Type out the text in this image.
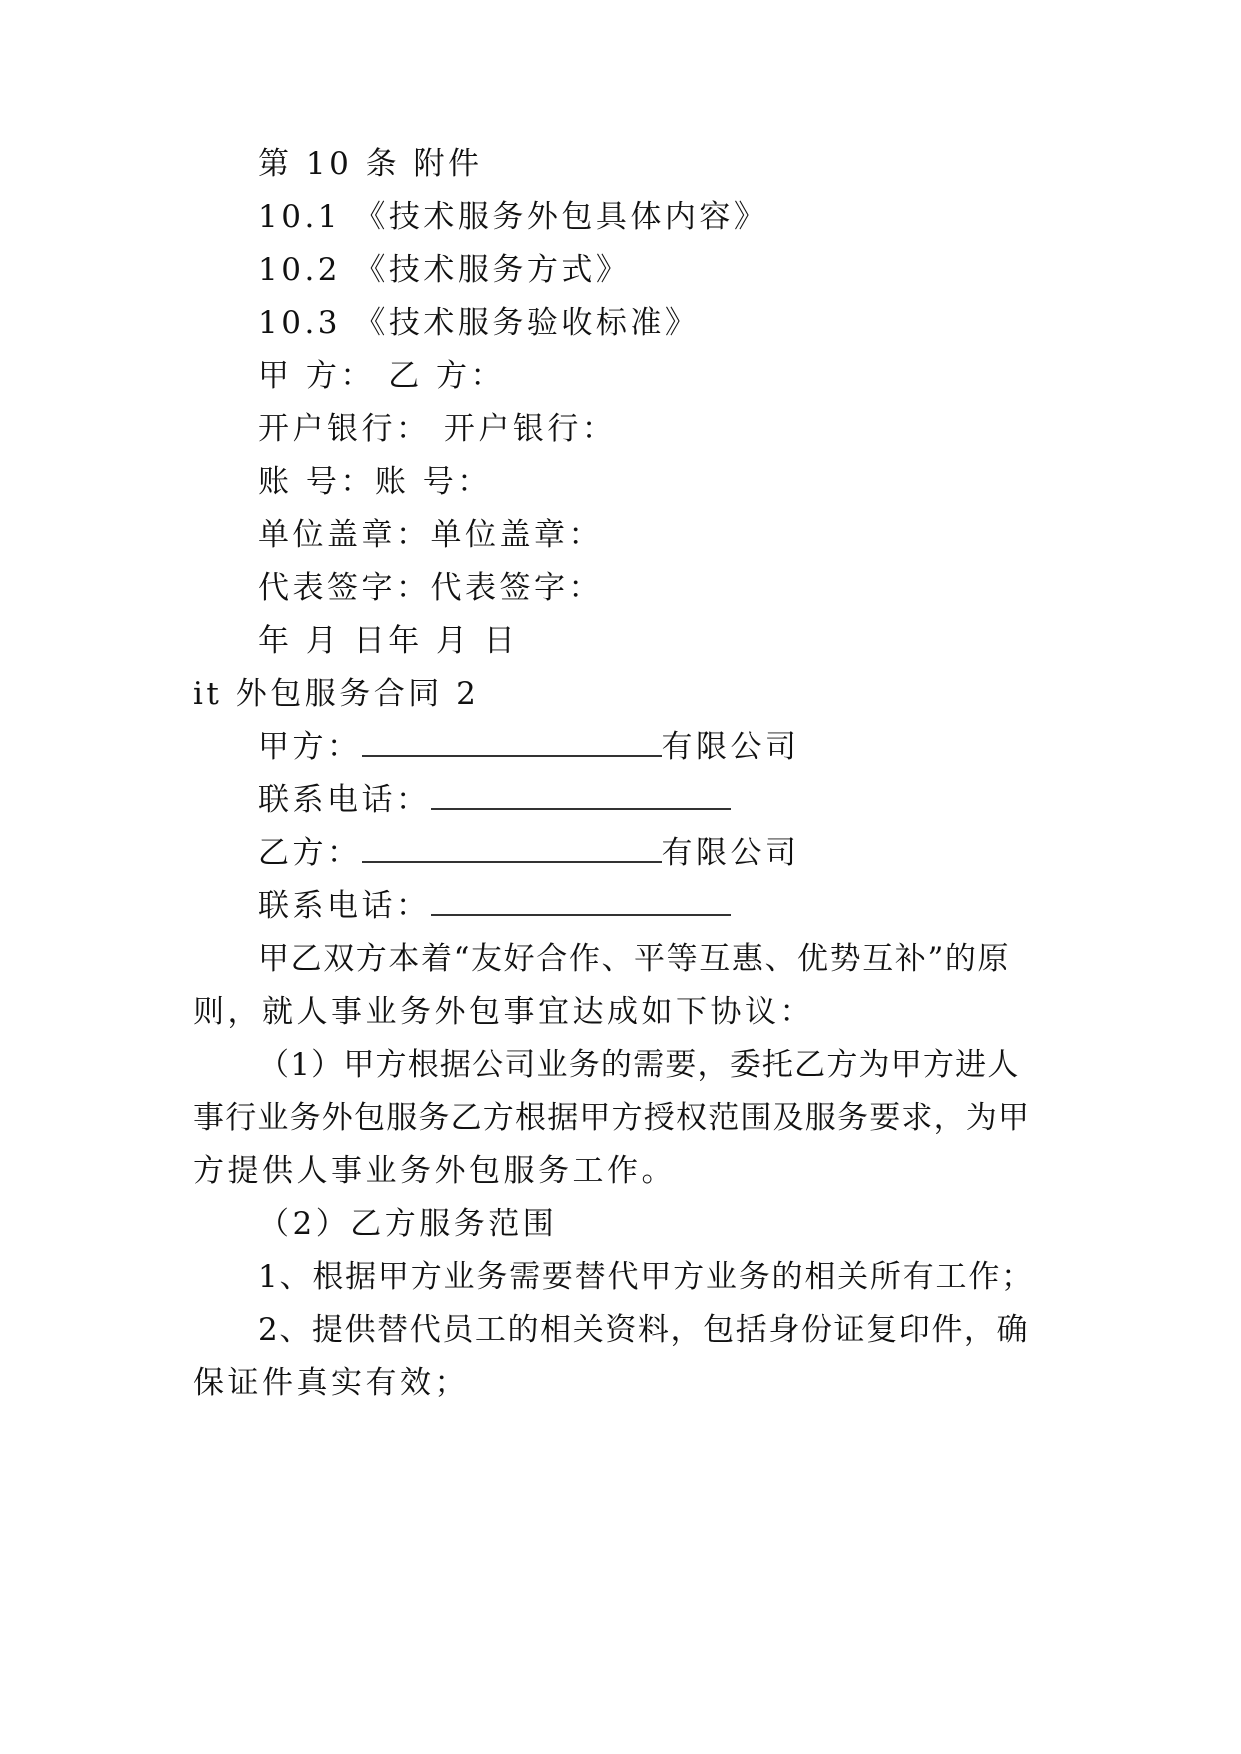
第 10 条 附件
10.1 《技术服务外包具体内容》
10.2 《技术服务方式》
10.3 《技术服务验收标准》
甲 方： 乙 方：
开户银行： 开户银行：
账 号：账 号：
单位盖章：单位盖章：
代表签字：代表签字：
年 月 日年 月 日
it 外包服务合同 2
甲方：	有限公司
联系电话：
乙方：	有限公司
联系电话：
甲乙双方本着“友好合作、平等互惠、优势互补”的原
则，就人事业务外包事宜达成如下协议：
（1）甲方根据公司业务的需要，委托乙方为甲方进人
事行业务外包服务乙方根据甲方授权范围及服务要求，为甲
方提供人事业务外包服务工作。
（2）乙方服务范围
1、根据甲方业务需要替代甲方业务的相关所有工作；
2、提供替代员工的相关资料，包括身份证复印件，确
保证件真实有效；
